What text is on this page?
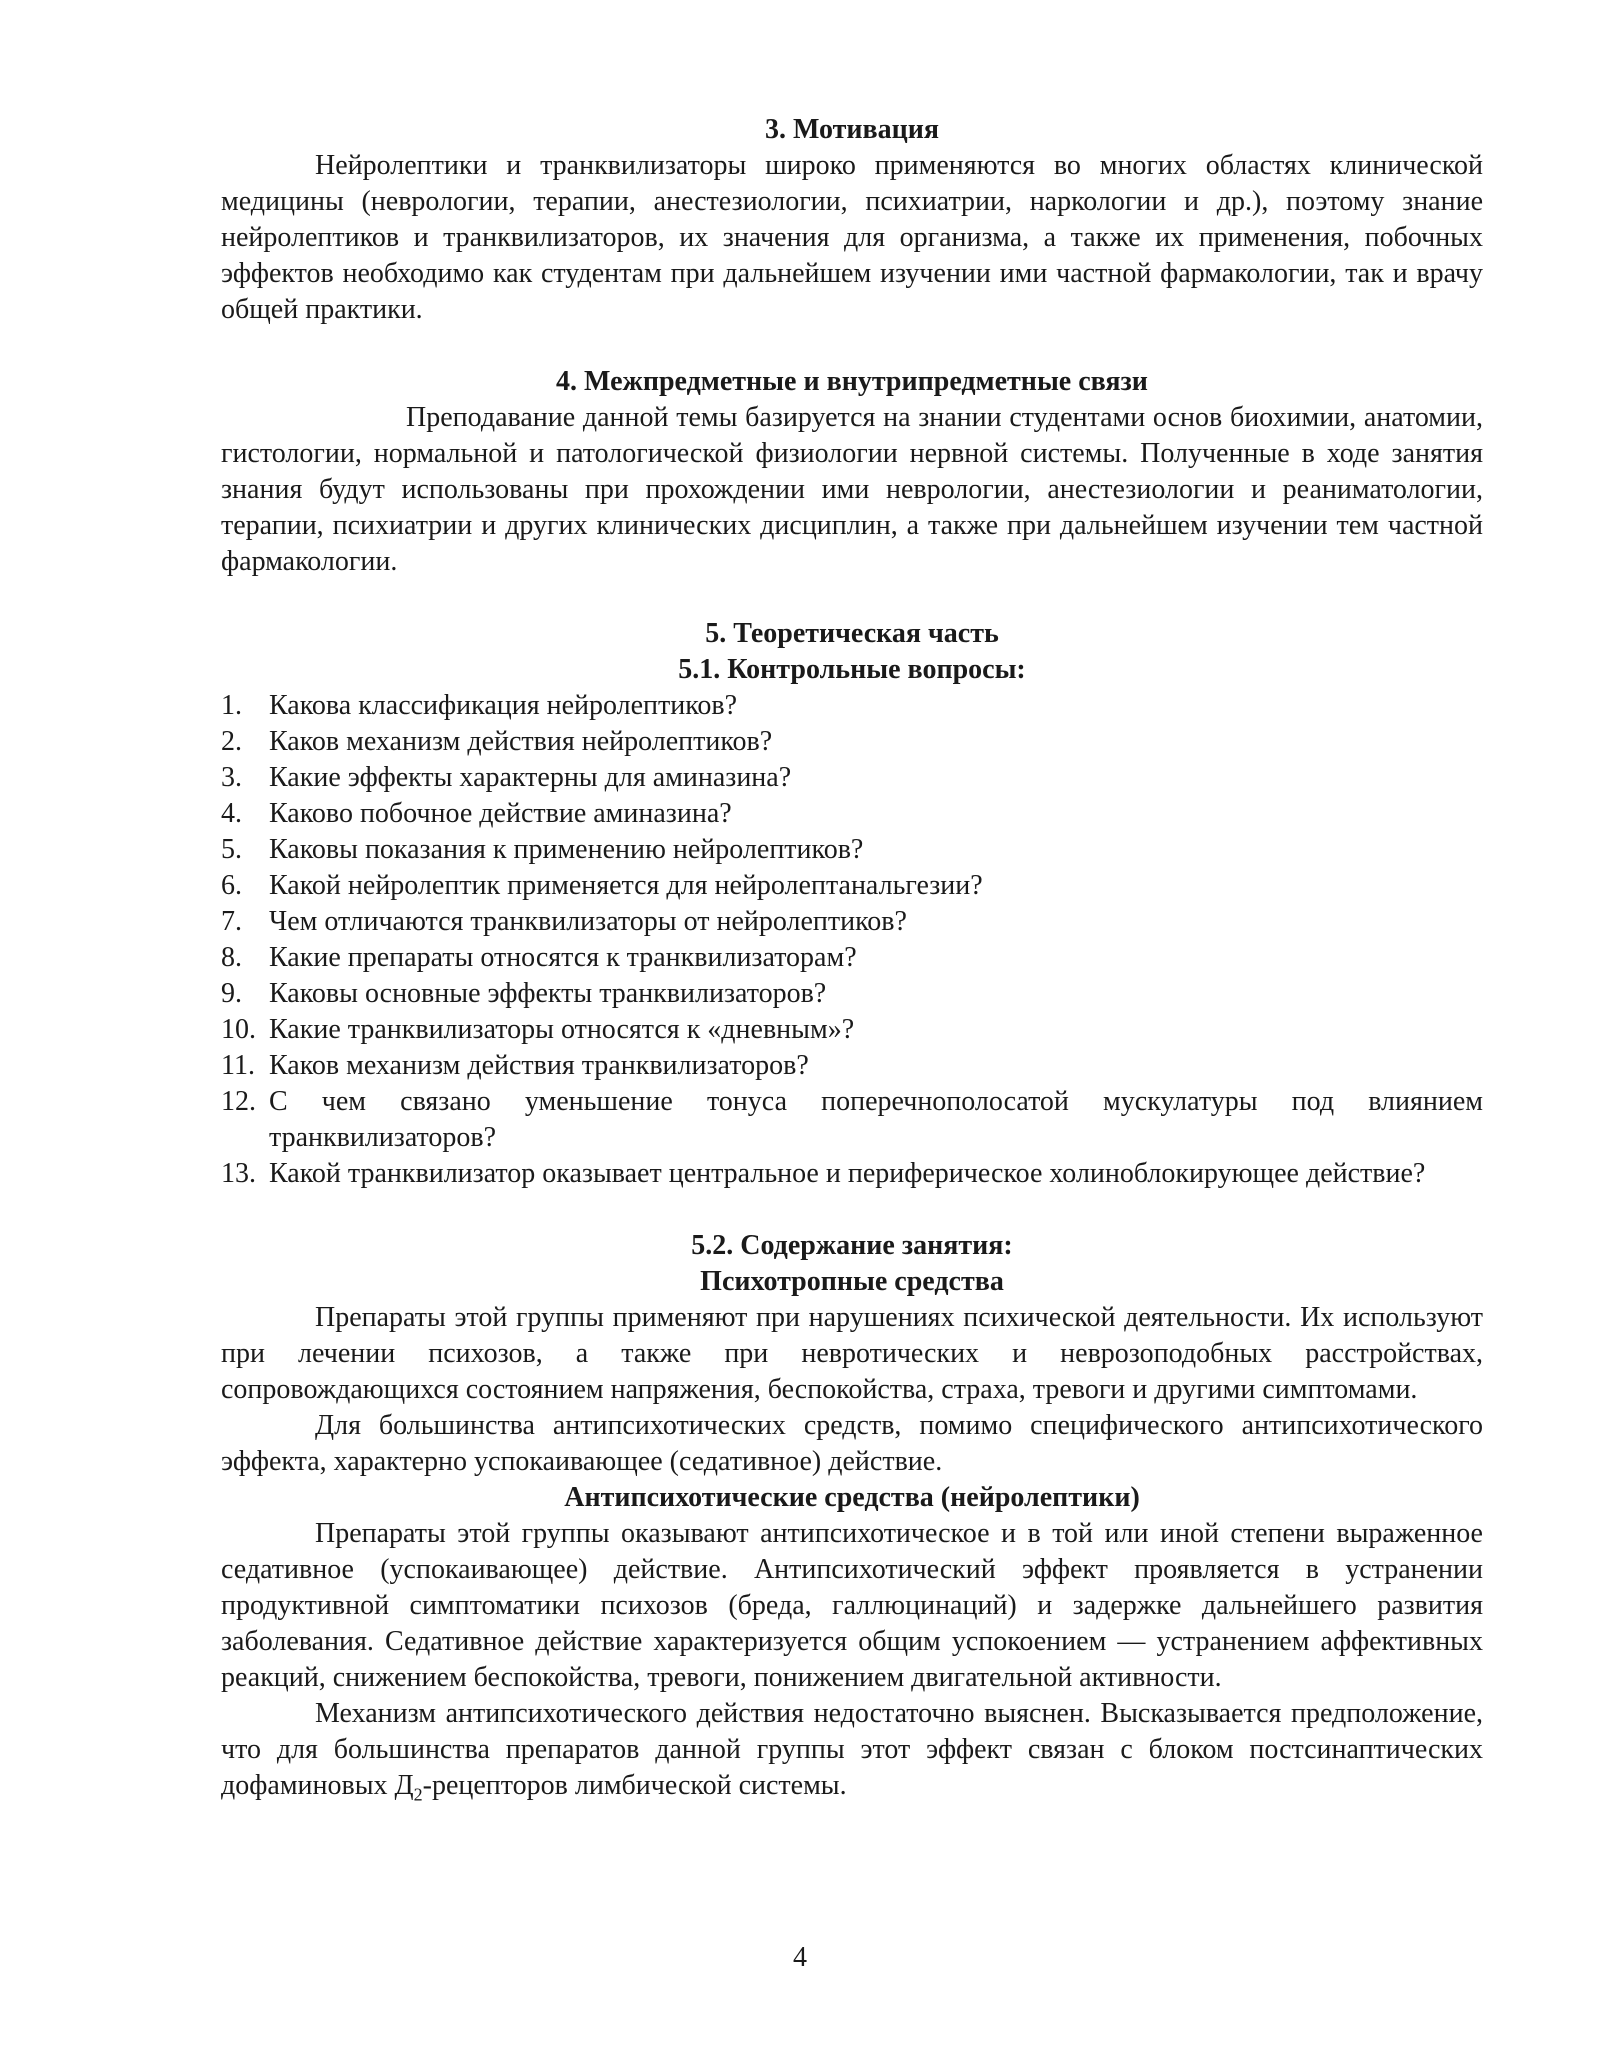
3. Мотивация

Нейролептики и транквилизаторы широко применяются во многих областях клинической медицины (неврологии, терапии, анестезиологии, психиатрии, наркологии и др.), поэтому знание нейролептиков и транквилизаторов, их значения для организма, а также их применения, побочных эффектов необходимо как студентам при дальнейшем изучении ими частной фармакологии, так и врачу общей практики.

4. Межпредметные и внутрипредметные связи

Преподавание данной темы базируется на знании студентами основ биохимии, анатомии, гистологии, нормальной и патологической физиологии нервной системы. Полученные в ходе занятия знания будут использованы при прохождении ими неврологии, анестезиологии и реаниматологии, терапии, психиатрии и других клинических дисциплин, а также при дальнейшем изучении тем частной фармакологии.

5. Теоретическая часть
5.1. Контрольные вопросы:
1. Какова классификация нейролептиков?
2. Каков механизм действия нейролептиков?
3. Какие эффекты характерны для аминазина?
4. Каково побочное действие аминазина?
5. Каковы показания к применению нейролептиков?
6. Какой нейролептик применяется для нейролептанальгезии?
7. Чем отличаются транквилизаторы от нейролептиков?
8. Какие препараты относятся к транквилизаторам?
9. Каковы основные эффекты транквилизаторов?
10. Какие транквилизаторы относятся к «дневным»?
11. Каков механизм действия транквилизаторов?
12. С чем связано уменьшение тонуса поперечнополосатой мускулатуры под влиянием транквилизаторов?
13. Какой транквилизатор оказывает центральное и периферическое холиноблокирующее действие?
5.2. Содержание занятия:
Психотропные средства

Препараты этой группы применяют при нарушениях психической деятельности. Их используют при лечении психозов, а также при невротических и неврозоподобных расстройствах, сопровождающихся состоянием напряжения, беспокойства, страха, тревоги и другими симптомами.

Для большинства антипсихотических средств, помимо специфического антипсихотического эффекта, характерно успокаивающее (седативное) действие.

Антипсихотические средства (нейролептики)

Препараты этой группы оказывают антипсихотическое и в той или иной степени выраженное седативное (успокаивающее) действие. Антипсихотический эффект проявляется в устранении продуктивной симптоматики психозов (бреда, галлюцинаций) и задержке дальнейшего развития заболевания. Седативное действие характеризуется общим успокоением — устранением аффективных реакций, снижением беспокойства, тревоги, понижением двигательной активности.

Механизм антипсихотического действия недостаточно выяснен. Высказывается предположение, что для большинства препаратов данной группы этот эффект связан с блоком постсинаптических дофаминовых $Д_2$-рецепторов лимбической системы.

4
